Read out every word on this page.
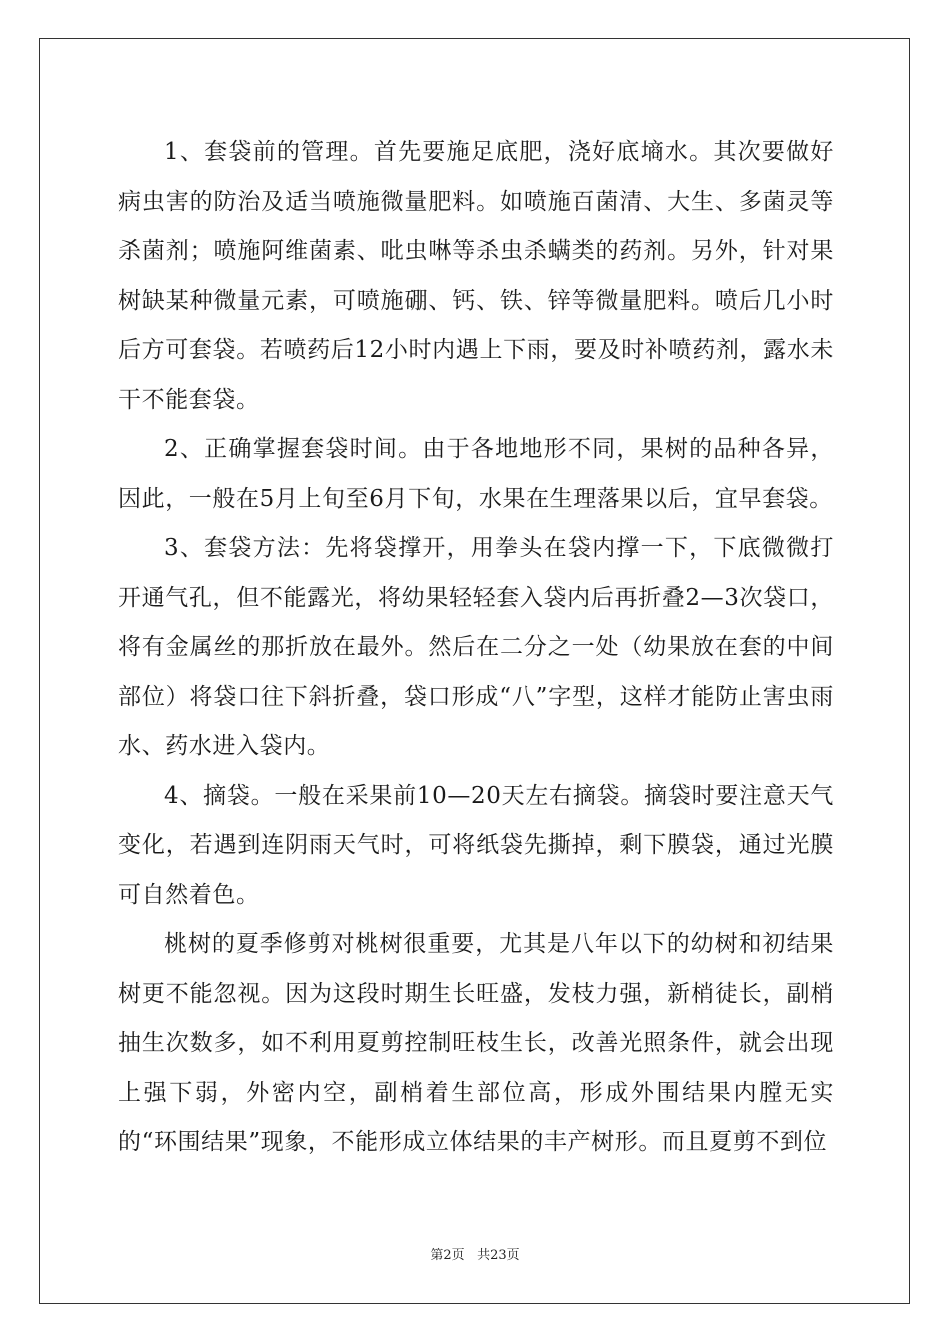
1、套袋前的管理。首先要施足底肥，浇好底墒水。其次要做好病虫害的防治及适当喷施微量肥料。如喷施百菌清、大生、多菌灵等杀菌剂；喷施阿维菌素、吡虫啉等杀虫杀螨类的药剂。另外，针对果树缺某种微量元素，可喷施硼、钙、铁、锌等微量肥料。喷后几小时后方可套袋。若喷药后12小时内遇上下雨，要及时补喷药剂，露水未干不能套袋。

2、正确掌握套袋时间。由于各地地形不同，果树的品种各异，因此，一般在5月上旬至6月下旬，水果在生理落果以后，宜早套袋。

3、套袋方法：先将袋撑开，用拳头在袋内撑一下，下底微微打开通气孔，但不能露光，将幼果轻轻套入袋内后再折叠2—3次袋口，将有金属丝的那折放在最外。然后在二分之一处（幼果放在套的中间部位）将袋口往下斜折叠，袋口形成“八”字型，这样才能防止害虫雨水、药水进入袋内。

4、摘袋。一般在采果前10—20天左右摘袋。摘袋时要注意天气变化，若遇到连阴雨天气时，可将纸袋先撕掉，剩下膜袋，通过光膜可自然着色。

桃树的夏季修剪对桃树很重要，尤其是八年以下的幼树和初结果树更不能忽视。因为这段时期生长旺盛，发枝力强，新梢徒长，副梢抽生次数多，如不利用夏剪控制旺枝生长，改善光照条件，就会出现上强下弱，外密内空，副梢着生部位高，形成外围结果内膛无实的“环围结果”现象，不能形成立体结果的丰产树形。而且夏剪不到位

第2页 共23页
